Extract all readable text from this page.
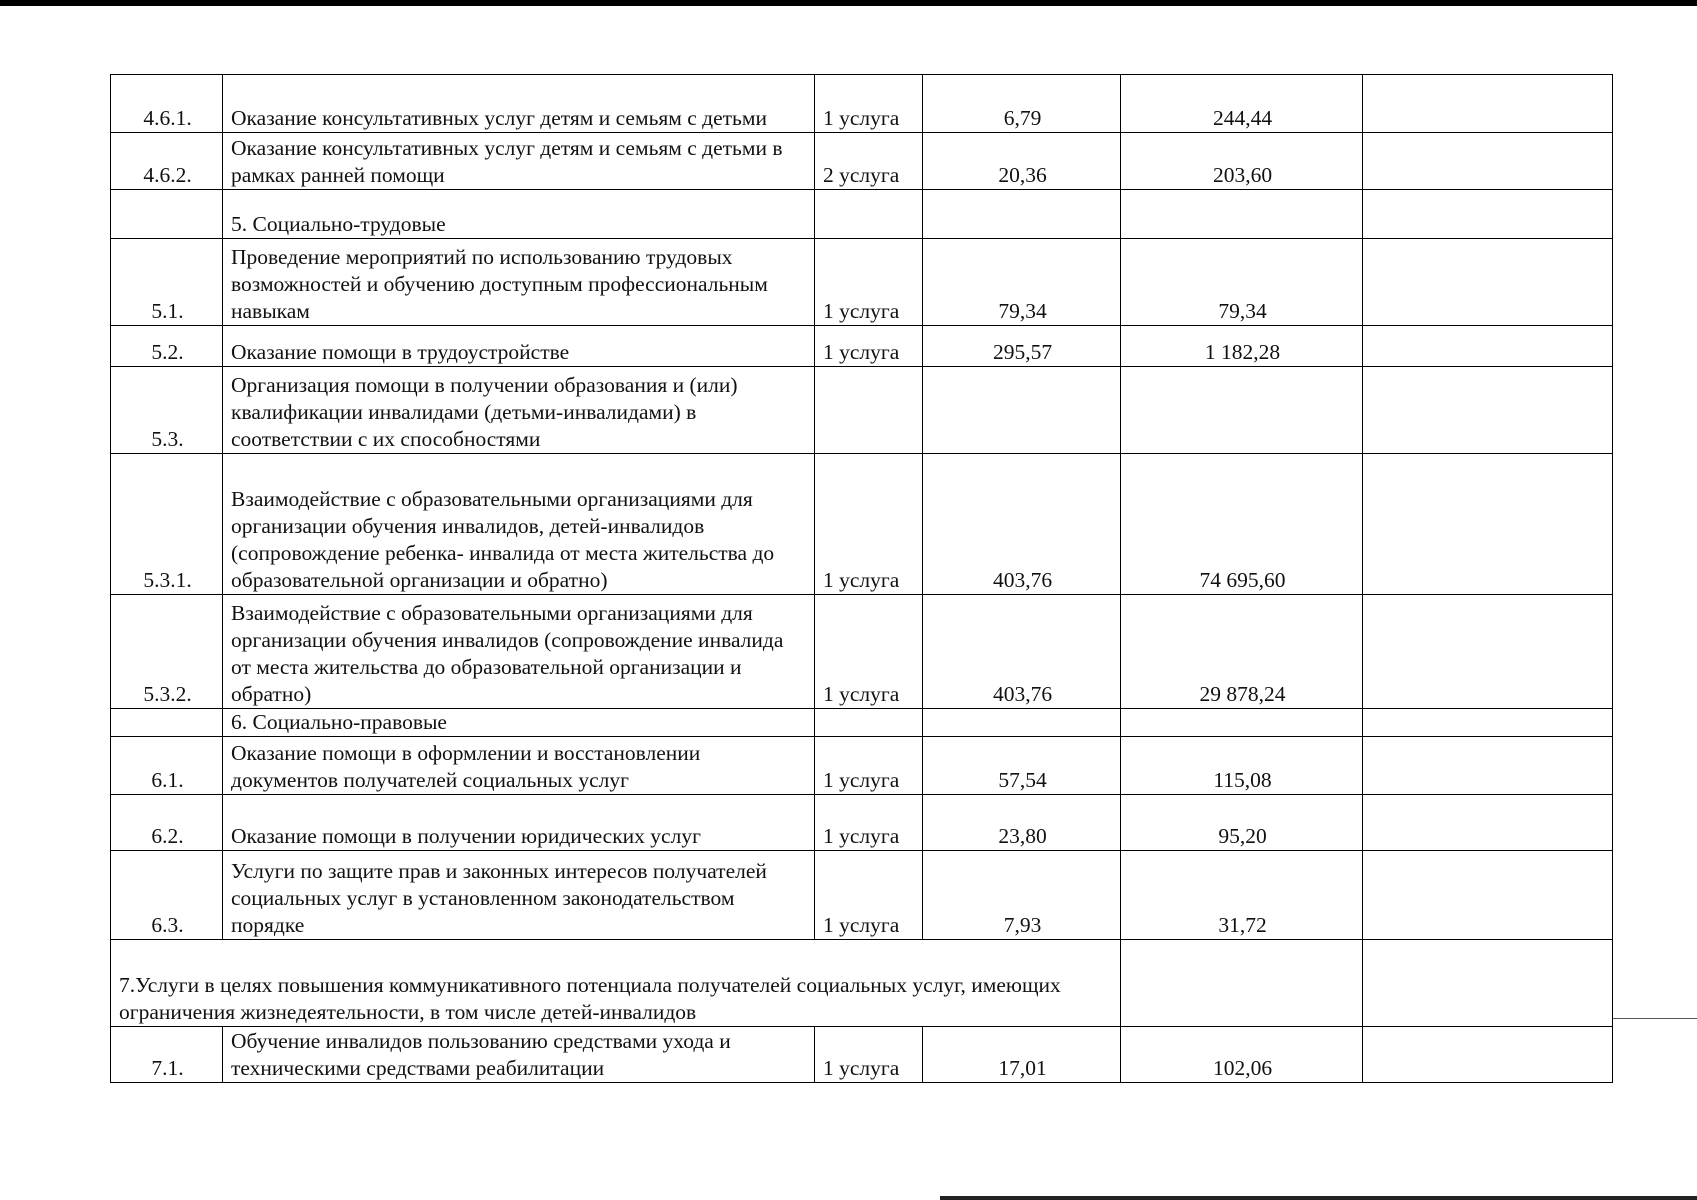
4.6.1.	Оказание консультативных услуг детям и семьям с детьми	1 услуга	6,79	244,44	
4.6.2.	Оказание консультативных услуг детям и семьям с детьми в рамках ранней помощи	2 услуга	20,36	203,60	
	5. Социально-трудовые				
5.1.	Проведение мероприятий по использованию трудовых возможностей и обучению доступным профессиональным навыкам	1 услуга	79,34	79,34	
5.2.	Оказание помощи в трудоустройстве	1 услуга	295,57	1 182,28	
5.3.	Организация помощи в получении образования и (или) квалификации инвалидами (детьми-инвалидами) в соответствии с их способностями				
5.3.1.	Взаимодействие с образовательными организациями для организации обучения инвалидов, детей-инвалидов (сопровождение ребенка- инвалида от места жительства до образовательной организации и обратно)	1 услуга	403,76	74 695,60	
5.3.2.	Взаимодействие с образовательными организациями для организации обучения инвалидов (сопровождение инвалида от места жительства до образовательной организации и обратно)	1 услуга	403,76	29 878,24	
	6. Социально-правовые				
6.1.	Оказание помощи в оформлении и восстановлении документов получателей социальных услуг	1 услуга	57,54	115,08	
6.2.	Оказание помощи в получении юридических услуг	1 услуга	23,80	95,20	
6.3.	Услуги по защите прав и законных интересов получателей социальных услуг в установленном законодательством порядке	1 услуга	7,93	31,72	
7.Услуги в целях повышения коммуникативного потенциала получателей социальных услуг, имеющих ограничения жизнедеятельности, в том числе детей-инвалидов					
7.1.	Обучение инвалидов пользованию средствами ухода и техническими средствами реабилитации	1 услуга	17,01	102,06	
